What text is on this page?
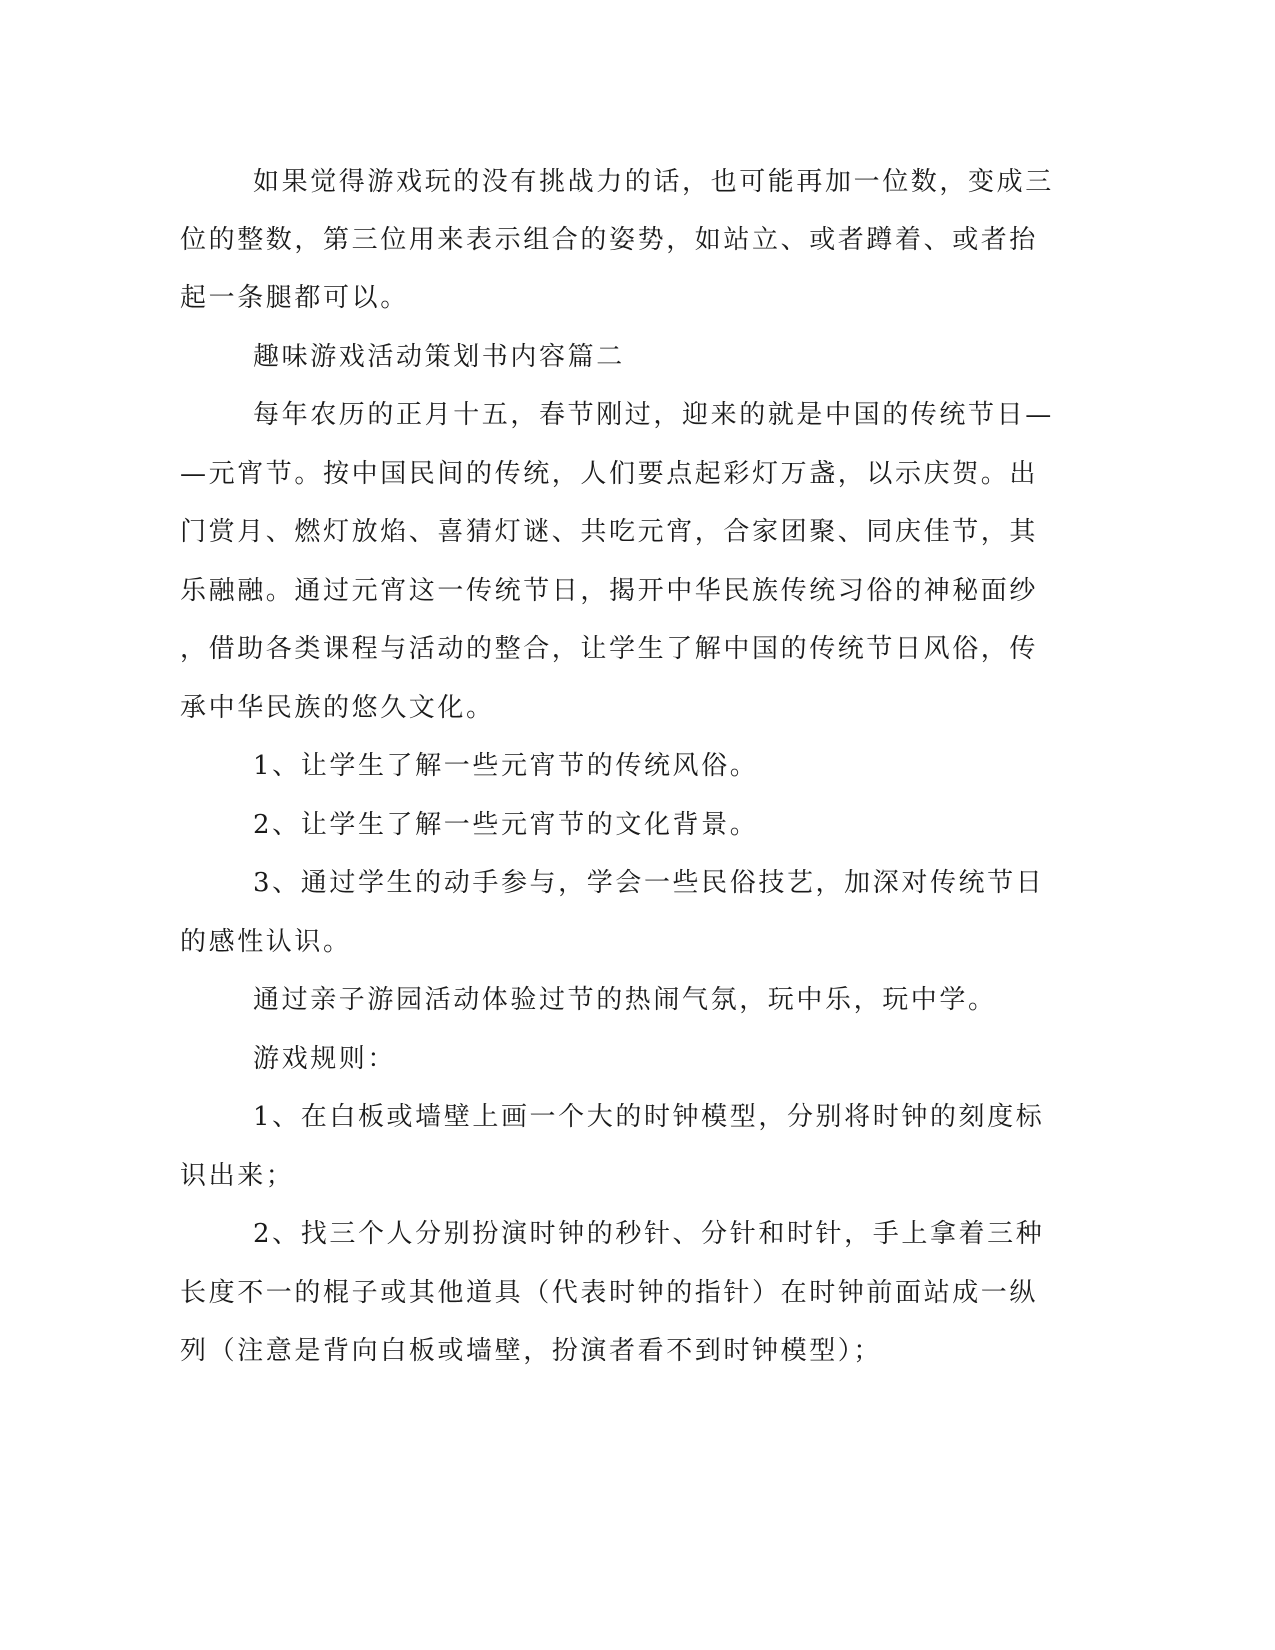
如果觉得游戏玩的没有挑战力的话，也可能再加一位数，变成三
位的整数，第三位用来表示组合的姿势，如站立、或者蹲着、或者抬
起一条腿都可以。
趣味游戏活动策划书内容篇二
每年农历的正月十五，春节刚过，迎来的就是中国的传统节日—
—元宵节。按中国民间的传统，人们要点起彩灯万盏，以示庆贺。出
门赏月、燃灯放焰、喜猜灯谜、共吃元宵，合家团聚、同庆佳节，其
乐融融。通过元宵这一传统节日，揭开中华民族传统习俗的神秘面纱
，借助各类课程与活动的整合，让学生了解中国的传统节日风俗，传
承中华民族的悠久文化。
1、让学生了解一些元宵节的传统风俗。
2、让学生了解一些元宵节的文化背景。
3、通过学生的动手参与，学会一些民俗技艺，加深对传统节日
的感性认识。
通过亲子游园活动体验过节的热闹气氛，玩中乐，玩中学。
游戏规则：
1、在白板或墙壁上画一个大的时钟模型，分别将时钟的刻度标
识出来；
2、找三个人分别扮演时钟的秒针、分针和时针，手上拿着三种
长度不一的棍子或其他道具（代表时钟的指针）在时钟前面站成一纵
列（注意是背向白板或墙壁，扮演者看不到时钟模型）；
